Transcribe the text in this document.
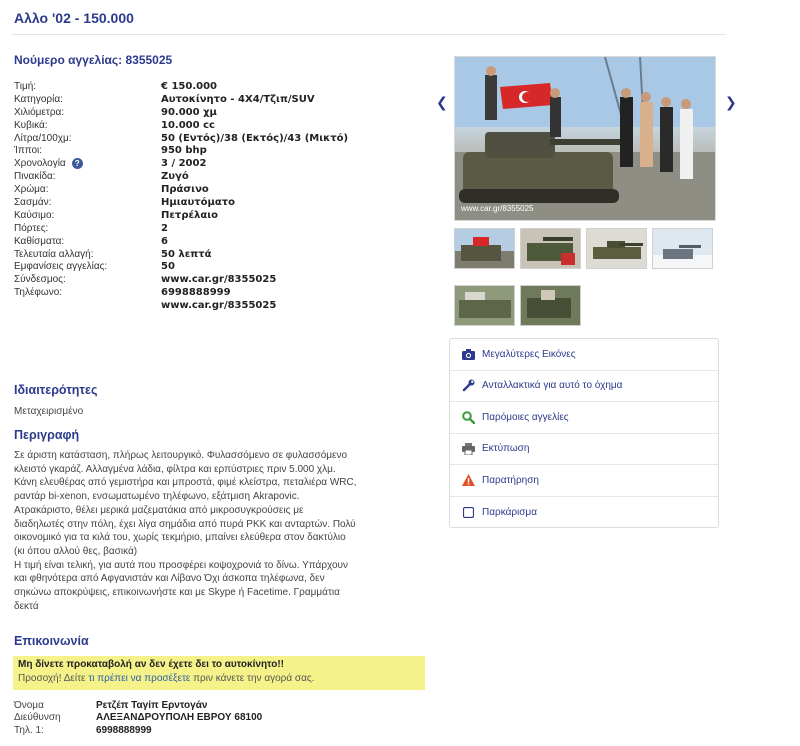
Αλλο '02 - 150.000
Νούμερο αγγελίας: 8355025
Τιμή:	€ 150.000
Κατηγορία:	Αυτοκίνητο - 4X4/Τζιπ/SUV
Χιλιόμετρα:	90.000 χμ
Κυβικά:	10.000 cc
Λίτρα/100χμ:	50 (Εντός)/38 (Εκτός)/43 (Μικτό)
Ίπποι:	950 bhp
Χρονολογία	?	3 / 2002
Πινακίδα:	Ζυγό
Χρώμα:	Πράσινο
Σασμάν:	Ημιαυτόματο
Καύσιμο:	Πετρέλαιο
Πόρτες:	2
Καθίσματα:	6
Τελευταία αλλαγή:	50 λεπτά
Εμφανίσεις αγγελίας:	50
Σύνδεσμος:	www.car.gr/8355025
Τηλέφωνο:	6998888999
www.car.gr/8355025
❮	❯
www.car.gr/8355025
Μεγαλύτερες Εικόνες
Ανταλλακτικά για αυτό το όχημα
Παρόμοιες αγγελίες
Εκτύπωση
Παρατήρηση
Παρκάρισμα
Ιδιαιτερότητες
Μεταχειρισμένο
Περιγραφή
Σε άριστη κατάσταση, πλήρως λειτουργικό. Φυλασσόμενο σε φυλασσόμενο
κλειστό γκαράζ. Αλλαγμένα λάδια, φίλτρα και ερπύστριες πριν 5.000 χλμ.
Κάνη ελευθέρας από γεμιστήρα και μπροστά, φιμέ κλείστρα, πεταλιέρα WRC,
ραντάρ bi-xenon, ενσωματωμένο τηλέφωνο, εξάτμιση Akrapovic.
Ατρακάριστο, θέλει μερικά μαζεματάκια από μικροσυγκρούσεις με
διαδηλωτές στην πόλη, έχει λίγα σημάδια από πυρά ΡΚΚ και ανταρτών. Πολύ
οικονομικό για τα κιλά του, χωρίς τεκμήριο, μπαίνει ελεύθερα στον δακτύλιο
(κι όπου αλλού θες, βασικά)
Η τιμή είναι τελική, για αυτά που προσφέρει κοψοχρονιά το δίνω. Υπάρχουν
και φθηνότερα από Αφγανιστάν και Λίβανο Όχι άσκοπα τηλέφωνα, δεν
σηκώνω αποκρύψεις, επικοινωνήστε και με Skype ή Facetime. Γραμμάτια
δεκτά
Επικοινωνία
Μη δίνετε προκαταβολή αν δεν έχετε δει το αυτοκίνητο!!
Προσοχή! Δείτε τι πρέπει να προσέξετε πριν κάνετε την αγορά σας.
Όνομα	Ρετζέπ Ταγίπ Ερντογάν
Διεύθυνση	ΑΛΕΞΑΝΔΡΟΥΠΟΛΗ ΕΒΡΟΥ 68100
Τηλ. 1:	6998888999
